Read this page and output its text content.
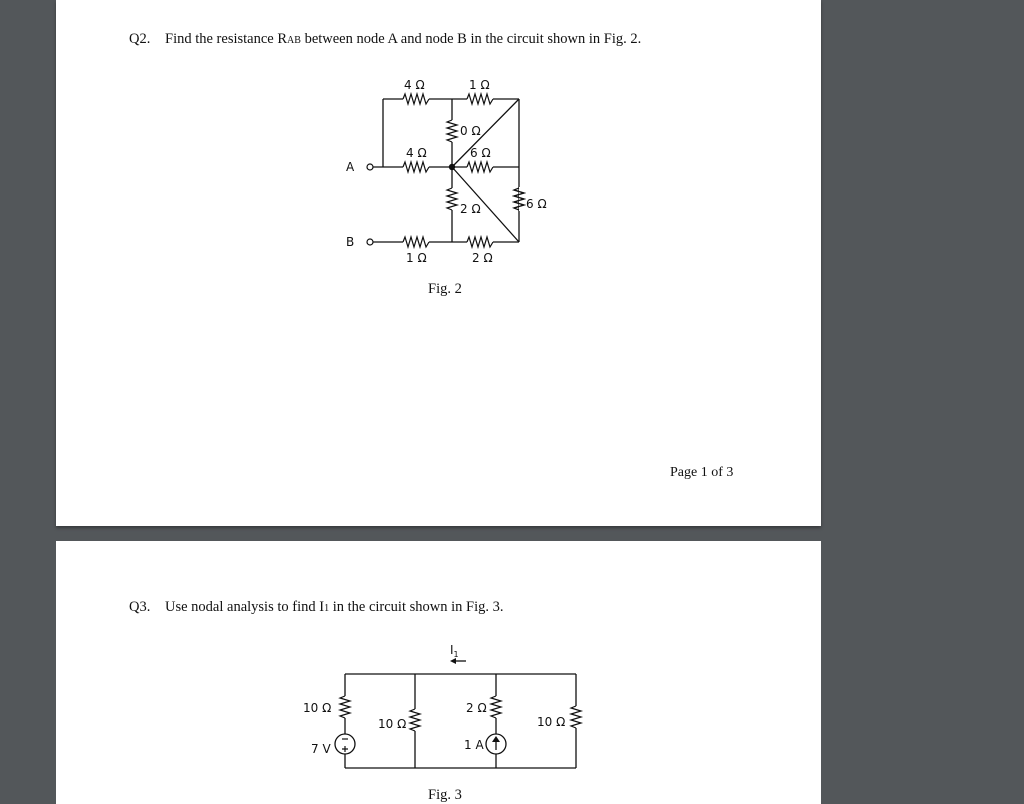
Q2. Find the resistance RAB between node A and node B in the circuit shown in Fig. 2.

A
B
4 Ω	1 Ω
0 Ω
4 Ω	6 Ω
2 Ω	6 Ω
1 Ω	2 Ω
Fig. 2
Page 1 of 3

Q3. Use nodal analysis to find I1 in the circuit shown in Fig. 3.

$I_1$
10 Ω
7 V
10 Ω
2 Ω
1 A
10 Ω
Fig. 3
